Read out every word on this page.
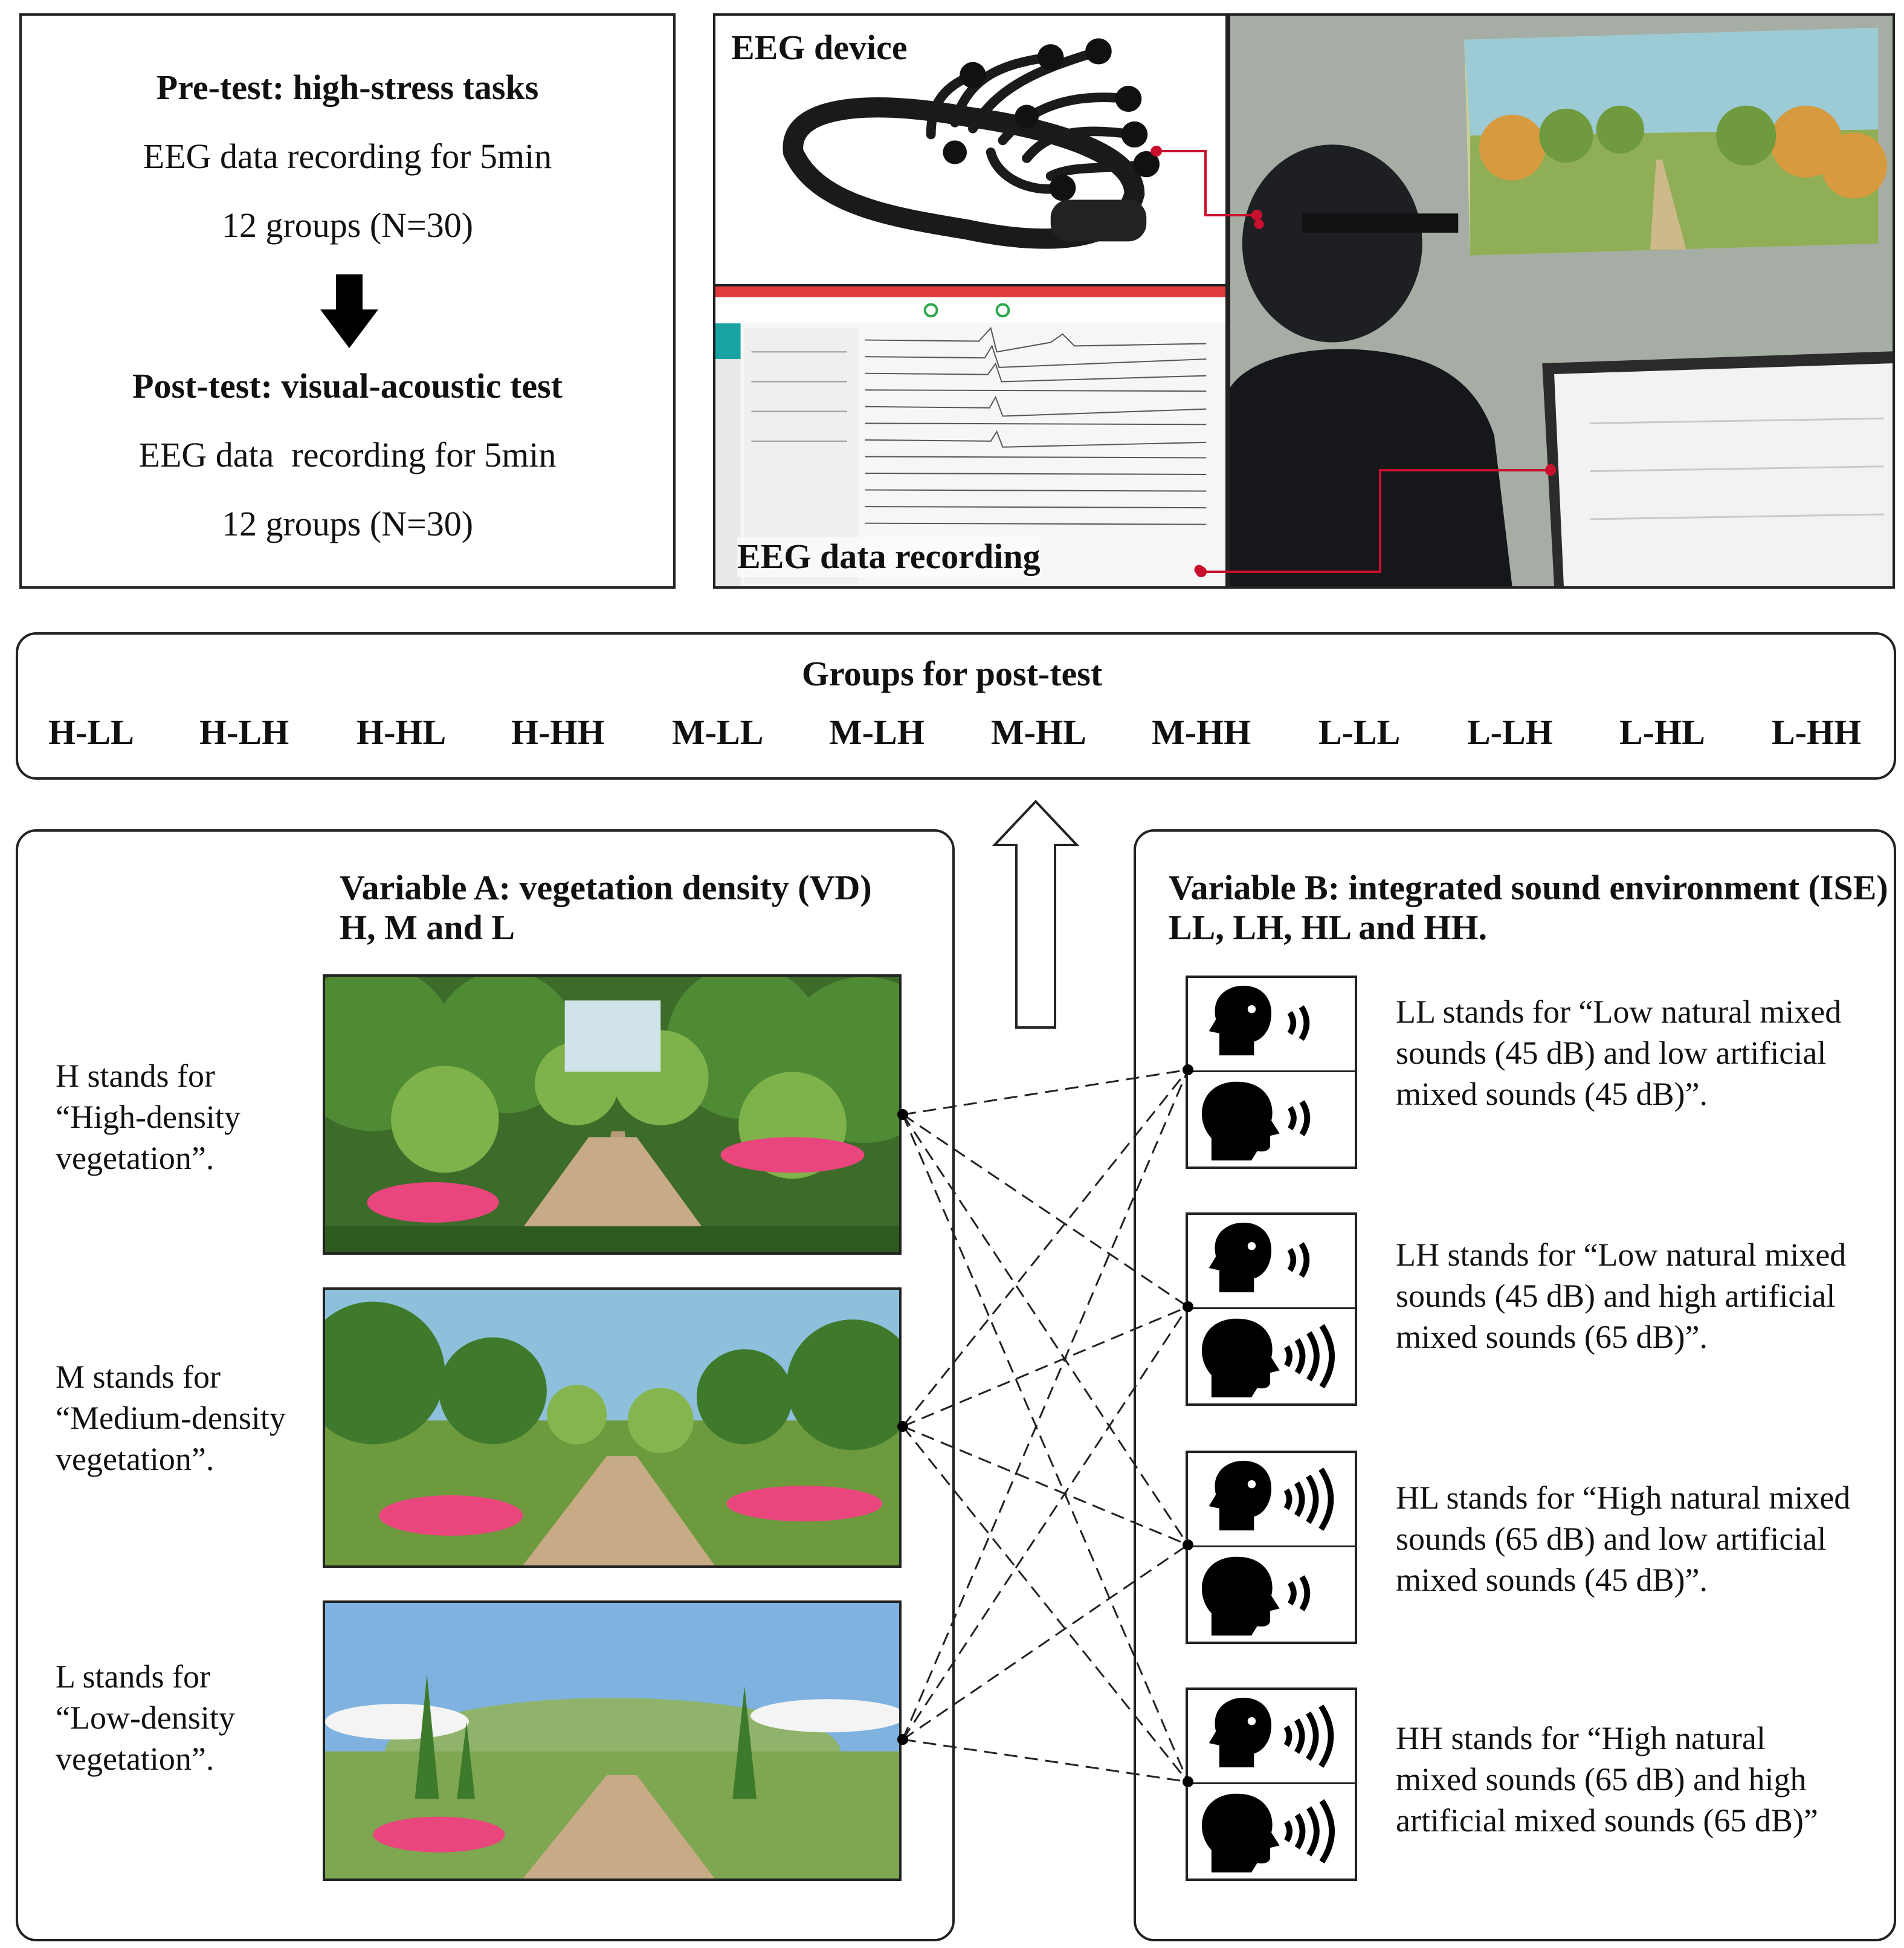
Pre-test: high-stress tasks
EEG data recording for 5min
12 groups (N=30)
Post-test: visual-acoustic test
EEG data  recording for 5min
12 groups (N=30)
EEG device
EEG data recording
Groups for post-test
H-LL H-LH H-HL H-HH M-LL M-LH M-HL M-HH L-LL L-LH L-HL L-HH
Variable A: vegetation density (VD)
H, M and L
H stands for
“High-density
vegetation”.
M stands for
“Medium-density
vegetation”.
L stands for
“Low-density
vegetation”.
Variable B: integrated sound environment (ISE)
LL, LH, HL and HH.
LL stands for “Low natural mixed
sounds (45 dB) and low artificial
mixed sounds (45 dB)”.
LH stands for “Low natural mixed
sounds (45 dB) and high artificial
mixed sounds (65 dB)”.
HL stands for “High natural mixed
sounds (65 dB) and low artificial
mixed sounds (45 dB)”.
HH stands for “High natural
mixed sounds (65 dB) and high
artificial mixed sounds (65 dB)”
